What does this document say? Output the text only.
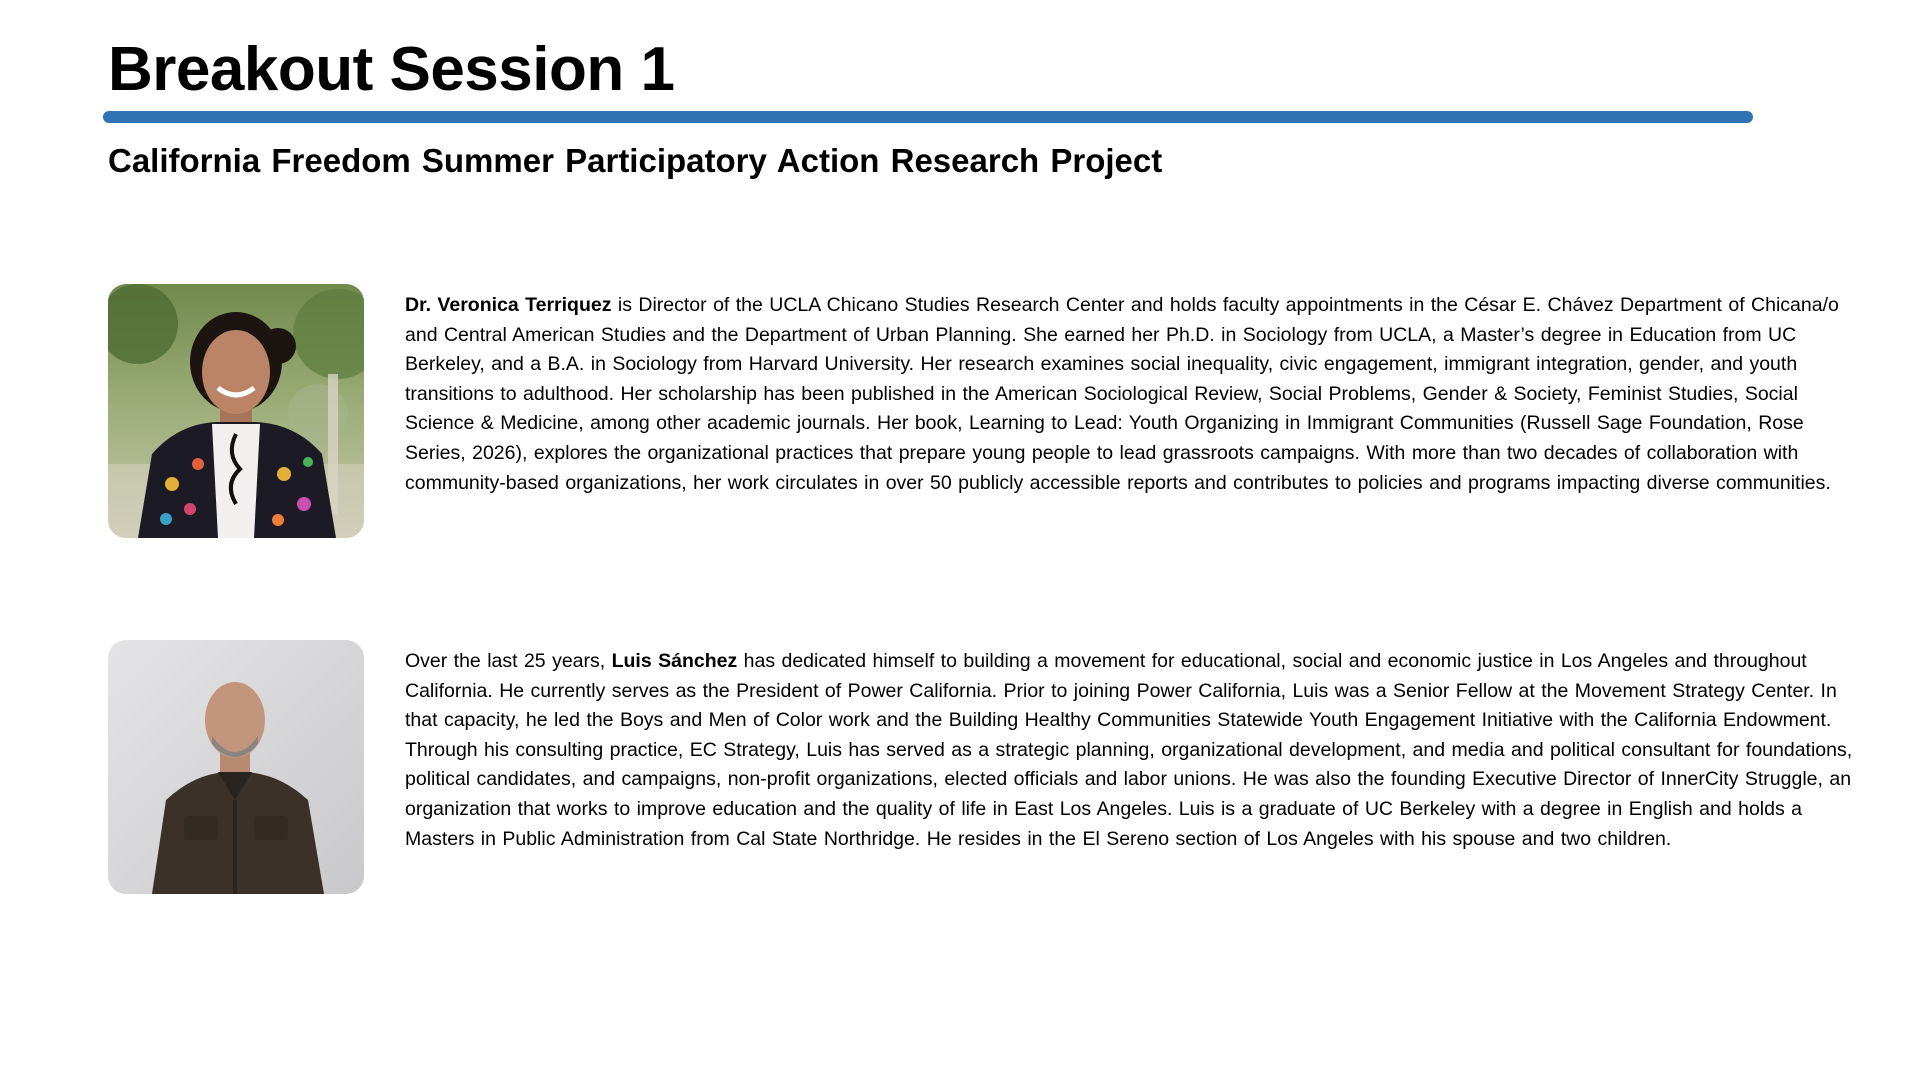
Breakout Session 1
California Freedom Summer Participatory Action Research Project

Dr. Veronica Terriquez is Director of the UCLA Chicano Studies Research Center and holds faculty appointments in the César E. Chávez Department of Chicana/o and Central American Studies and the Department of Urban Planning. She earned her Ph.D. in Sociology from UCLA, a Master’s degree in Education from UC Berkeley, and a B.A. in Sociology from Harvard University. Her research examines social inequality, civic engagement, immigrant integration, gender, and youth transitions to adulthood. Her scholarship has been published in the American Sociological Review, Social Problems, Gender & Society, Feminist Studies, Social Science & Medicine, among other academic journals. Her book, Learning to Lead: Youth Organizing in Immigrant Communities (Russell Sage Foundation, Rose Series, 2026), explores the organizational practices that prepare young people to lead grassroots campaigns. With more than two decades of collaboration with community-based organizations, her work circulates in over 50 publicly accessible reports and contributes to policies and programs impacting diverse communities.

Over the last 25 years, Luis Sánchez has dedicated himself to building a movement for educational, social and economic justice in Los Angeles and throughout California. He currently serves as the President of Power California. Prior to joining Power California, Luis was a Senior Fellow at the Movement Strategy Center. In that capacity, he led the Boys and Men of Color work and the Building Healthy Communities Statewide Youth Engagement Initiative with the California Endowment. Through his consulting practice, EC Strategy, Luis has served as a strategic planning, organizational development, and media and political consultant for foundations, political candidates, and campaigns, non-profit organizations, elected officials and labor unions. He was also the founding Executive Director of InnerCity Struggle, an organization that works to improve education and the quality of life in East Los Angeles. Luis is a graduate of UC Berkeley with a degree in English and holds a Masters in Public Administration from Cal State Northridge. He resides in the El Sereno section of Los Angeles with his spouse and two children.
